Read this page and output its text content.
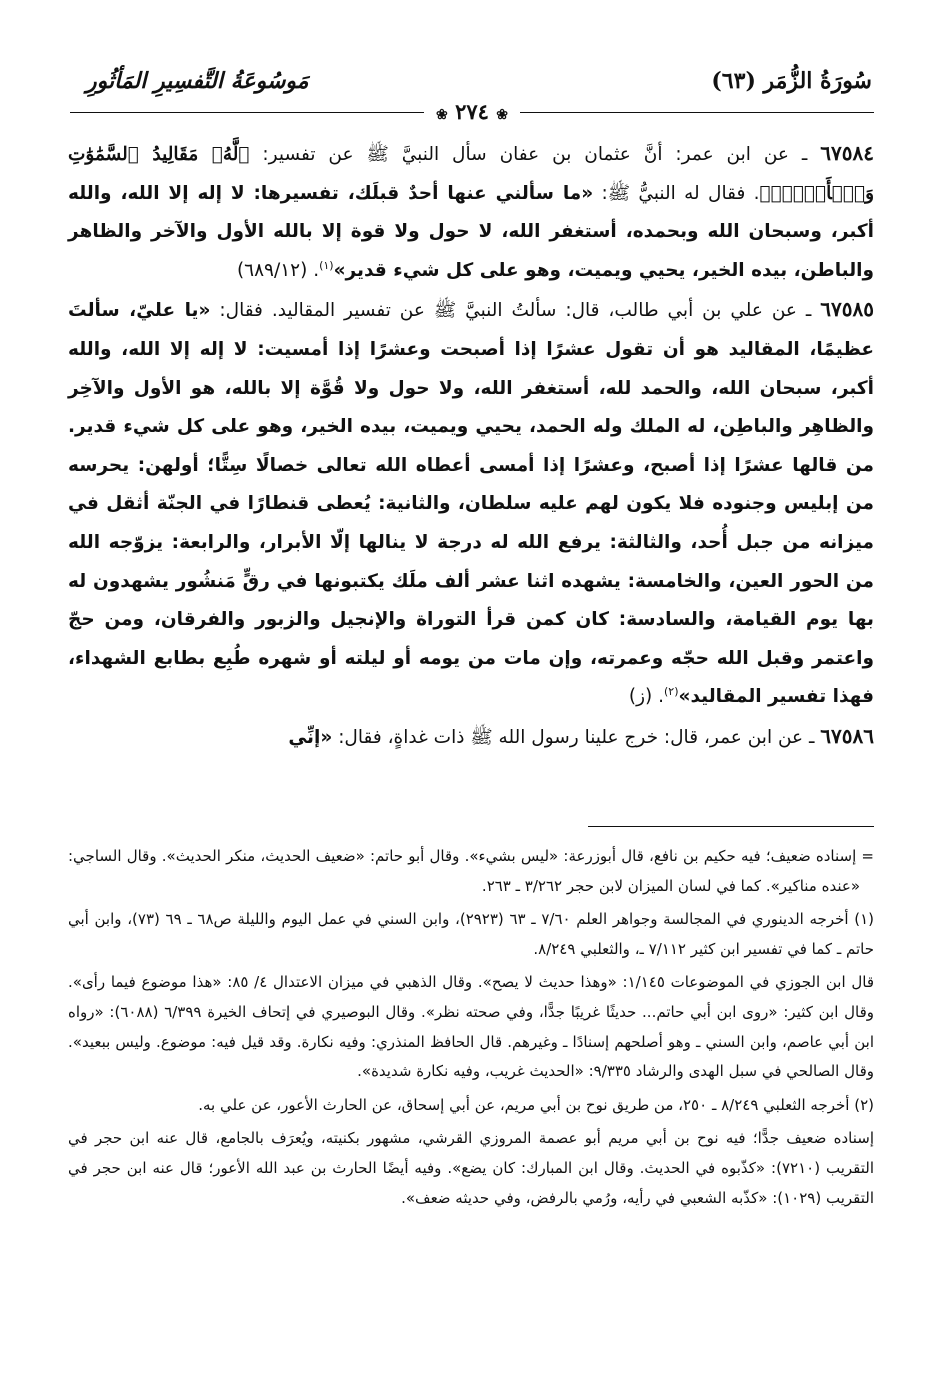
سُورَةُ الزُّمَر (٦٣)
مَوسُوعَةُ التَّفسِيرِ المَأثُورِ
❀ ٢٧٤ ❀

٦٧٥٨٤ ـ عن ابن عمر: أنَّ عثمان بن عفان سأل النبيَّ ﷺ عن تفسير: ﴿لَّهُۥ مَقَالِيدُ ٱلسَّمَٰوَٰتِ وَٱلۡأَرۡضِۖ﴾. فقال له النبيُّ ﷺ: «ما سألني عنها أحدٌ قبلَك، تفسيرها: لا إله إلا الله، والله أكبر، وسبحان الله وبحمده، أستغفر الله، لا حول ولا قوة إلا بالله الأول والآخر والظاهر والباطن، بيده الخير، يحيي ويميت، وهو على كل شيء قدير»$^{(١)}$. (٦٨٩/١٢)

٦٧٥٨٥ ـ عن علي بن أبي طالب، قال: سألتُ النبيَّ ﷺ عن تفسير المقاليد. فقال: «يا عليّ، سألتَ عظيمًا، المقاليد هو أن تقول عشرًا إذا أصبحت وعشرًا إذا أمسيت: لا إله إلا الله، والله أكبر، سبحان الله، والحمد لله، أستغفر الله، ولا حول ولا قُوَّة إلا بالله، هو الأول والآخِر والظاهِر والباطِن، له الملك وله الحمد، يحيي ويميت، بيده الخير، وهو على كل شيء قدير. من قالها عشرًا إذا أصبح، وعشرًا إذا أمسى أعطاه الله تعالى خصالًا سِتًّا؛ أولهن: يحرسه من إبليس وجنوده فلا يكون لهم عليه سلطان، والثانية: يُعطى قنطارًا في الجنّة أثقل في ميزانه من جبل أُحد، والثالثة: يرفع الله له درجة لا ينالها إلّا الأبرار، والرابعة: يزوّجه الله من الحور العين، والخامسة: يشهده اثنا عشر ألف ملَك يكتبونها في رقٍّ مَنشُور يشهدون له بها يوم القيامة، والسادسة: كان كمن قرأ التوراة والإنجيل والزبور والفرقان، ومن حجّ واعتمر وقبل الله حجّه وعمرته، وإن مات من يومه أو ليلته أو شهره طُبِع بطابع الشهداء، فهذا تفسير المقاليد»$^{(٢)}$. (ز)

٦٧٥٨٦ ـ عن ابن عمر، قال: خرج علينا رسول الله ﷺ ذات غداةٍ، فقال: «إنِّي

= إسناده ضعيف؛ فيه حكيم بن نافع، قال أبوزرعة: «ليس بشيء». وقال أبو حاتم: «ضعيف الحديث، منكر الحديث». وقال الساجي: «عنده مناكير». كما في لسان الميزان لابن حجر ٣/٢٦٢ ـ ٢٦٣.

(١) أخرجه الدينوري في المجالسة وجواهر العلم ٧/٦٠ ـ ٦٣ (٢٩٢٣)، وابن السني في عمل اليوم والليلة ص٦٨ ـ ٦٩ (٧٣)، وابن أبي حاتم ـ كما في تفسير ابن كثير ٧/١١٢ ـ، والثعلبي ٨/٢٤٩.

قال ابن الجوزي في الموضوعات ١/١٤٥: «وهذا حديث لا يصح». وقال الذهبي في ميزان الاعتدال ٤/ ٨٥: «هذا موضوع فيما رأى». وقال ابن كثير: «روى ابن أبي حاتم... حديثًا غريبًا جدًّا، وفي صحته نظر». وقال البوصيري في إتحاف الخيرة ٦/٣٩٩ (٦٠٨٨): «رواه ابن أبي عاصم، وابن السني ـ وهو أصلحهم إسنادًا ـ وغيرهم. قال الحافظ المنذري: وفيه نكارة. وقد قيل فيه: موضوع. وليس ببعيد». وقال الصالحي في سبل الهدى والرشاد ٩/٣٣٥: «الحديث غريب، وفيه نكارة شديدة».

(٢) أخرجه الثعلبي ٨/٢٤٩ ـ ٢٥٠، من طريق نوح بن أبي مريم، عن أبي إسحاق، عن الحارث الأعور، عن علي به.

إسناده ضعيف جدًّا؛ فيه نوح بن أبي مريم أبو عصمة المروزي القرشي، مشهور بكنيته، ويُعرَف بالجامع، قال عنه ابن حجر في التقريب (٧٢١٠): «كذّبوه في الحديث. وقال ابن المبارك: كان يضع». وفيه أيضًا الحارث بن عبد الله الأعور؛ قال عنه ابن حجر في التقريب (١٠٢٩): «كذّبه الشعبي في رأيه، ورُمي بالرفض، وفي حديثه ضعف».
